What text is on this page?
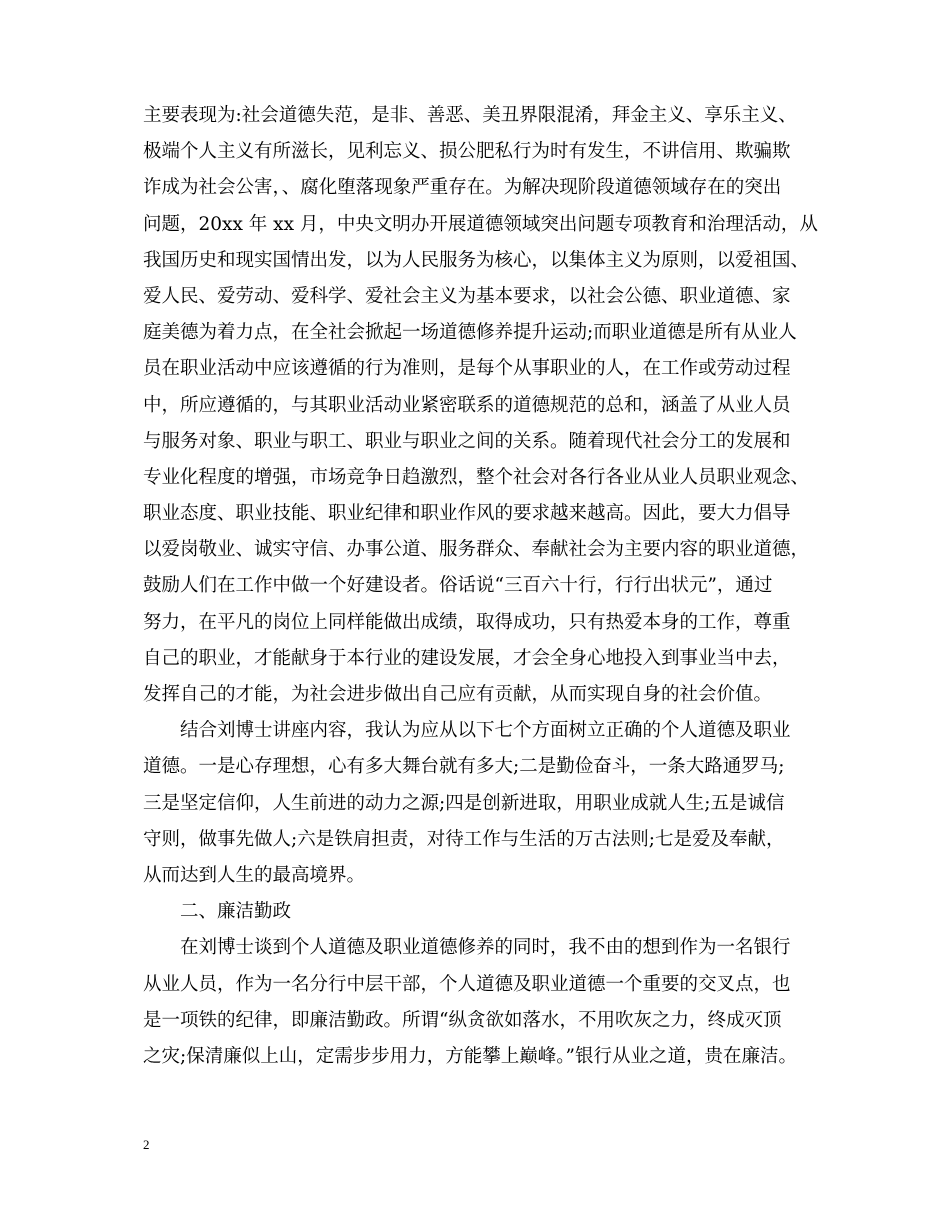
主要表现为:社会道德失范，是非、善恶、美丑界限混淆，拜金主义、享乐主义、

极端个人主义有所滋长，见利忘义、损公肥私行为时有发生，不讲信用、欺骗欺

诈成为社会公害，、腐化堕落现象严重存在。为解决现阶段道德领域存在的突出

问题，20xx 年 xx 月，中央文明办开展道德领域突出问题专项教育和治理活动，从

我国历史和现实国情出发，以为人民服务为核心，以集体主义为原则，以爱祖国、

爱人民、爱劳动、爱科学、爱社会主义为基本要求，以社会公德、职业道德、家

庭美德为着力点，在全社会掀起一场道德修养提升运动;而职业道德是所有从业人

员在职业活动中应该遵循的行为准则，是每个从事职业的人，在工作或劳动过程

中，所应遵循的，与其职业活动业紧密联系的道德规范的总和，涵盖了从业人员

与服务对象、职业与职工、职业与职业之间的关系。随着现代社会分工的发展和

专业化程度的增强，市场竞争日趋激烈，整个社会对各行各业从业人员职业观念、

职业态度、职业技能、职业纪律和职业作风的要求越来越高。因此，要大力倡导

以爱岗敬业、诚实守信、办事公道、服务群众、奉献社会为主要内容的职业道德，

鼓励人们在工作中做一个好建设者。俗话说“三百六十行，行行出状元”，通过

努力，在平凡的岗位上同样能做出成绩，取得成功，只有热爱本身的工作，尊重

自己的职业，才能献身于本行业的建设发展，才会全身心地投入到事业当中去，

发挥自己的才能，为社会进步做出自己应有贡献，从而实现自身的社会价值。

结合刘博士讲座内容，我认为应从以下七个方面树立正确的个人道德及职业

道德。一是心存理想，心有多大舞台就有多大;二是勤俭奋斗，一条大路通罗马;

三是坚定信仰，人生前进的动力之源;四是创新进取，用职业成就人生;五是诚信

守则，做事先做人;六是铁肩担责，对待工作与生活的万古法则;七是爱及奉献，

从而达到人生的最高境界。

二、廉洁勤政

在刘博士谈到个人道德及职业道德修养的同时，我不由的想到作为一名银行

从业人员，作为一名分行中层干部，个人道德及职业道德一个重要的交叉点，也

是一项铁的纪律，即廉洁勤政。所谓“纵贪欲如落水，不用吹灰之力，终成灭顶

之灾;保清廉似上山，定需步步用力，方能攀上巅峰。”银行从业之道，贵在廉洁。

2
